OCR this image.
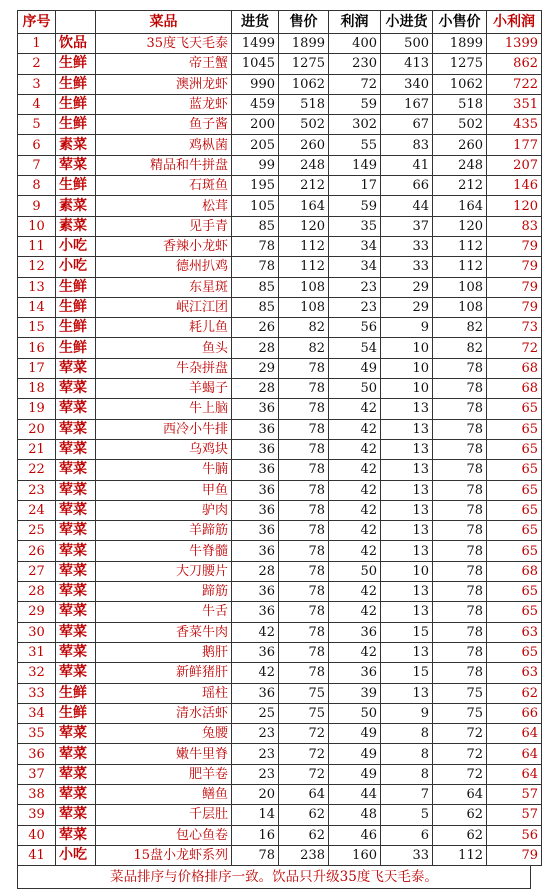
序号		菜品	进货	售价	利润	小进货	小售价	小利润
1	饮品	35度飞天毛泰	1499	1899	400	500	1899	1399
2	生鲜	帝王蟹	1045	1275	230	413	1275	862
3	生鲜	澳洲龙虾	990	1062	72	340	1062	722
4	生鲜	蓝龙虾	459	518	59	167	518	351
5	生鲜	鱼子酱	200	502	302	67	502	435
6	素菜	鸡枞菌	205	260	55	83	260	177
7	荤菜	精品和牛拼盘	99	248	149	41	248	207
8	生鲜	石斑鱼	195	212	17	66	212	146
9	素菜	松茸	105	164	59	44	164	120
10	素菜	见手青	85	120	35	37	120	83
11	小吃	香辣小龙虾	78	112	34	33	112	79
12	小吃	德州扒鸡	78	112	34	33	112	79
13	生鲜	东星斑	85	108	23	29	108	79
14	生鲜	岷江江团	85	108	23	29	108	79
15	生鲜	耗儿鱼	26	82	56	9	82	73
16	生鲜	鱼头	28	82	54	10	82	72
17	荤菜	牛杂拼盘	29	78	49	10	78	68
18	荤菜	羊蝎子	28	78	50	10	78	68
19	荤菜	牛上脑	36	78	42	13	78	65
20	荤菜	西冷小牛排	36	78	42	13	78	65
21	荤菜	乌鸡块	36	78	42	13	78	65
22	荤菜	牛腩	36	78	42	13	78	65
23	荤菜	甲鱼	36	78	42	13	78	65
24	荤菜	驴肉	36	78	42	13	78	65
25	荤菜	羊蹄筋	36	78	42	13	78	65
26	荤菜	牛脊髓	36	78	42	13	78	65
27	荤菜	大刀腰片	28	78	50	10	78	68
28	荤菜	蹄筋	36	78	42	13	78	65
29	荤菜	牛舌	36	78	42	13	78	65
30	荤菜	香菜牛肉	42	78	36	15	78	63
31	荤菜	鹅肝	36	78	42	13	78	65
32	荤菜	新鲜猪肝	42	78	36	15	78	63
33	生鲜	瑶柱	36	75	39	13	75	62
34	生鲜	清水活虾	25	75	50	9	75	66
35	荤菜	兔腰	23	72	49	8	72	64
36	荤菜	嫩牛里脊	23	72	49	8	72	64
37	荤菜	肥羊卷	23	72	49	8	72	64
38	荤菜	鳝鱼	20	64	44	7	64	57
39	荤菜	千层肚	14	62	48	5	62	57
40	荤菜	包心鱼卷	16	62	46	6	62	56
41	小吃	15盘小龙虾系列	78	238	160	33	112	79
菜品排序与价格排序一致。饮品只升级35度飞天毛泰。
